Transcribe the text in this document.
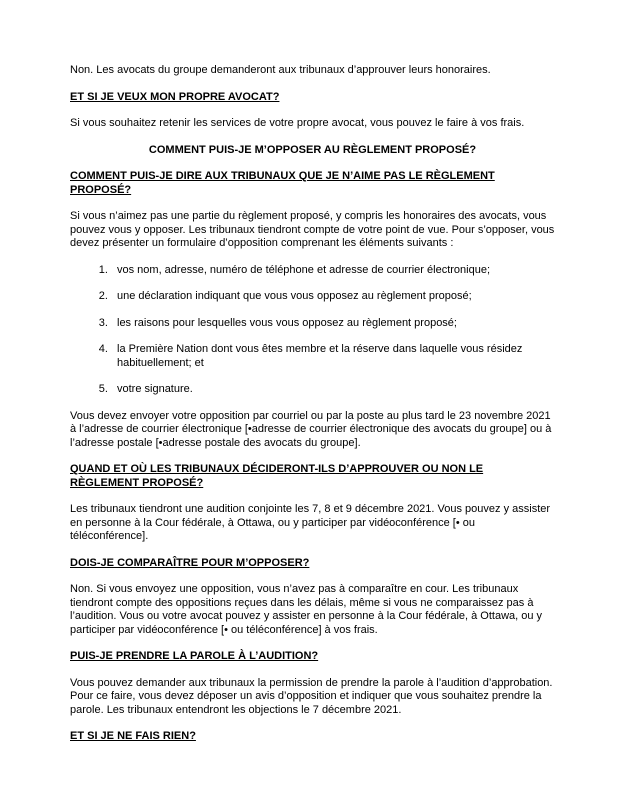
Non. Les avocats du groupe demanderont aux tribunaux d’approuver leurs honoraires.

ET SI JE VEUX MON PROPRE AVOCAT?

Si vous souhaitez retenir les services de votre propre avocat, vous pouvez le faire à vos frais.

COMMENT PUIS-JE M’OPPOSER AU RÈGLEMENT PROPOSÉ?
COMMENT PUIS-JE DIRE AUX TRIBUNAUX QUE JE N’AIME PAS LE RÈGLEMENT PROPOSÉ?

Si vous n’aimez pas une partie du règlement proposé, y compris les honoraires des avocats, vous pouvez vous y opposer. Les tribunaux tiendront compte de votre point de vue. Pour s’opposer, vous devez présenter un formulaire d’opposition comprenant les éléments suivants :

1. vos nom, adresse, numéro de téléphone et adresse de courrier électronique;
2. une déclaration indiquant que vous vous opposez au règlement proposé;
3. les raisons pour lesquelles vous vous opposez au règlement proposé;
4. la Première Nation dont vous êtes membre et la réserve dans laquelle vous résidez habituellement; et
5. votre signature.

Vous devez envoyer votre opposition par courriel ou par la poste au plus tard le 23 novembre 2021 à l’adresse de courrier électronique [•adresse de courrier électronique des avocats du groupe] ou à l’adresse postale [•adresse postale des avocats du groupe].

QUAND ET OÙ LES TRIBUNAUX DÉCIDERONT-ILS D’APPROUVER OU NON LE RÈGLEMENT PROPOSÉ?

Les tribunaux tiendront une audition conjointe les 7, 8 et 9 décembre 2021. Vous pouvez y assister en personne à la Cour fédérale, à Ottawa, ou y participer par vidéoconférence [• ou téléconférence].

DOIS-JE COMPARAÎTRE POUR M’OPPOSER?

Non. Si vous envoyez une opposition, vous n’avez pas à comparaître en cour. Les tribunaux tiendront compte des oppositions reçues dans les délais, même si vous ne comparaissez pas à l’audition. Vous ou votre avocat pouvez y assister en personne à la Cour fédérale, à Ottawa, ou y participer par vidéoconférence [• ou téléconférence] à vos frais.

PUIS-JE PRENDRE LA PAROLE À L’AUDITION?

Vous pouvez demander aux tribunaux la permission de prendre la parole à l’audition d’approbation. Pour ce faire, vous devez déposer un avis d’opposition et indiquer que vous souhaitez prendre la parole. Les tribunaux entendront les objections le 7 décembre 2021.

ET SI JE NE FAIS RIEN?
